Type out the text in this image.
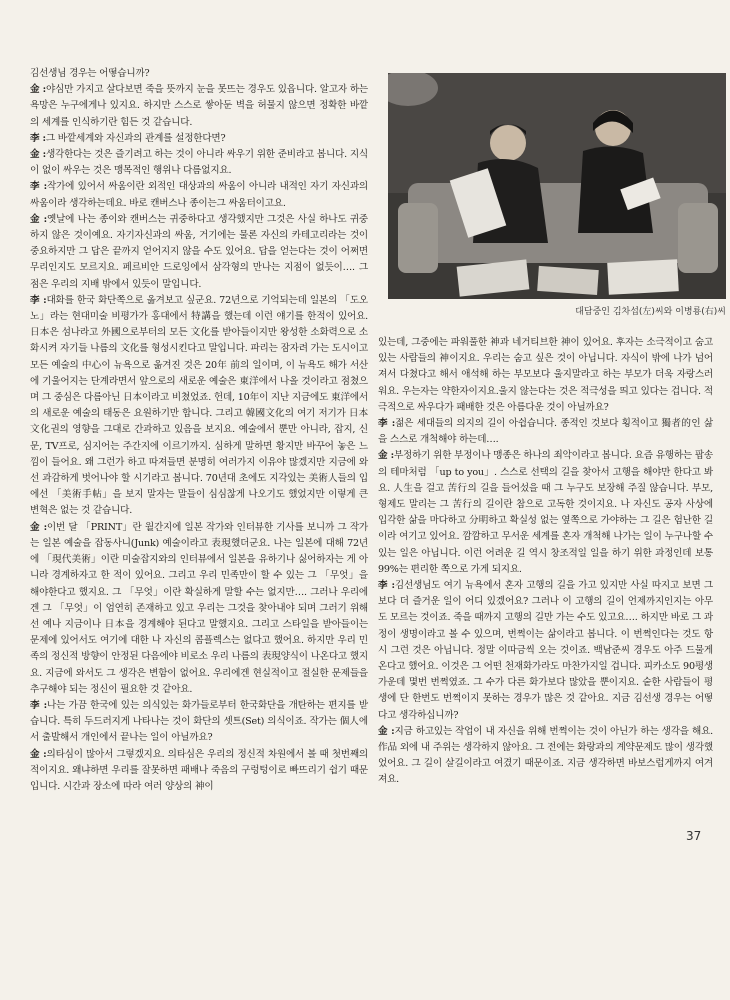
김선생님 경우는 어떻습니까?

金 :야심만 가지고 살다보면 죽을 뜻까지 눈을 못뜨는 경우도 있읍니다. 알고자 하는 욕망은 누구에게나 있지요. 하지만 스스로 쌓아둔 벽을 허물지 않으면 정확한 바깥의 세계를 인식하기란 힘든 것 같습니다.

李 :그 바깥세계와 자신과의 관계를 설정한다면?

金 :생각한다는 것은 즐기려고 하는 것이 아니라 싸우기 위한 준비라고 봅니다. 지식이 없이 싸우는 것은 맹목적인 행위나 다름없지요.

李 :작가에 있어서 싸움이란 외적인 대상과의 싸움이 아니라 내적인 자기 자신과의 싸움이라 생각하는데요. 바로 캔버스나 종이는그 싸움터이고요.

金 :옛날에 나는 종이와 캔버스는 귀중하다고 생각했지만 그것은 사실 하나도 귀중하지 않은 것이예요. 자기자신과의 싸움, 거기에는 물론 자신의 카테고리라는 것이 중요하지만 그 답은 끝까지 얻어지지 않을 수도 있어요. 답을 얻는다는 것이 어쩌면 무리인지도 모르지요. 페르비안 드로잉에서 삼각형의 만나는 지점이 없듯이…. 그 점은 우리의 지배 밖에서 있듯이 말입니다.

李 :대화를 한국 화단쪽으로 옮겨보고 싶군요. 72년으로 기억되는데 일본의 「도오노」라는 현대미술 비평가가 홍대에서 特講을 했는데 이런 얘기를 한적이 있어요. 日本은 섬나라고 外國으로부터의 모든 文化를 받아들이지만 왕성한 소화력으로 소화시켜 자기들 나름의 文化를 형성시킨다고 말입니다. 파리는 잠자려 가는 도시이고 모든 예술의 中心이 뉴욕으로 옮겨진 것은 20年 前의 일이며, 이 뉴욕도 해가 서산에 기울어지는 단계라면서 앞으로의 새로운 예술은 東洋에서 나올 것이라고 점쳤으며 그 중심은 다름아닌 日本이라고 비쳤었죠. 헌데, 10年이 지난 지금에도 東洋에서의 새로운 예술의 태동은 요원하기만 합니다. 그리고 韓國文化의 여기 저기가 日本文化권의 영향을 그대로 간과하고 있음을 보지요. 예술에서 뿐만 아니라, 잡지, 신문, TV프로, 심지어는 주간지에 이르기까지. 심하게 말하면 황지만 바꾸어 놓은 느낌이 들어요. 왜 그런가 하고 따져들면 분명히 여러가지 이유야 많겠지만 지금에 와선 과감하게 벗어나야 할 시기라고 봅니다. 70년대 초에도 지각있는 美術人들의 입에선 「美術手帖」을 보지 말자는 말들이 심심찮게 나오기도 했었지만 이렇게 큰 변혁은 없는 것 같습니다.

金 :이번 달 「PRINT」란 월간지에 일본 작가와 인터뷰한 기사를 보니까 그 작가는 일본 예술을 잡동사니(Junk) 예술이라고 表現했더군요. 나는 일본에 대해 72년에 「現代美術」이란 미술잡지와의 인터뷰에서 일본을 유하기나 싫어하자는 게 아니라 경계하자고 한 적이 있어요. 그리고 우리 민족만이 할 수 있는 그 「무엇」을 해야한다고 했지요. 그 「무엇」이란 확실하게 말할 수는 없지만…. 그러나 우리에겐 그 「무엇」이 엄연히 존재하고 있고 우리는 그것을 찾아내야 되며 그러기 위해선 예나 지금이나 日本을 경계해야 된다고 말했지요. 그리고 스타일을 받아들이는 문제에 있어서도 여기에 대한 나 자신의 콤플렉스는 없다고 했어요. 하지만 우리 민족의 정신적 방향이 안정된 다음에야 비로소 우리 나름의 表現양식이 나온다고 했지요. 지금에 와서도 그 생각은 변함이 없어요. 우리에겐 현실적이고 절실한 문제들을 추구해야 되는 정신이 필요한 것 같아요.

李 :나는 가끔 한국에 있는 의식있는 화가들로부터 한국화단을 개탄하는 편지를 받습니다. 특히 두드러지게 나타나는 것이 화단의 셋트(Set) 의식이죠. 작가는 個人에서 출발해서 개인에서 끝나는 일이 아닐까요?

金 :의타심이 많아서 그렇겠지요. 의타심은 우리의 정신적 차원에서 볼 때 첫번째의 적이지요. 왜냐하면 우리를 잘못하면 패배나 죽음의 구렁텅이로 빠뜨리기 쉽기 때문입니다. 시간과 장소에 따라 여러 양상의 神이

대담중인 김차섭(左)씨와 이병룡(右)씨

있는데, 그중에는 파워풀한 神과 네거티브한 神이 있어요. 후자는 소극적이고 숨고 있는 사람들의 神이지요. 우리는 숨고 싶은 것이 아닙니다. 자식이 밖에 나가 넘어져서 다쳤다고 해서 애석해 하는 부모보다 울지말라고 하는 부모가 더욱 자랑스러워요. 우는자는 약한자이지요.울지 않는다는 것은 적극성을 띄고 있다는 겁니다. 적극적으로 싸우다가 패배한 것은 아름다운 것이 아닐까요?

李 :젊은 세대들의 의지의 길이 아쉽습니다. 종적인 것보다 횡적이고 獨者的인 삶을 스스로 개척해야 하는데….

金 :부정하기 위한 부정이나 맹종은 하나의 죄악이라고 봅니다. 요즘 유행하는 팝송의 테마처럼 「up to you」. 스스로 선택의 길을 찾아서 고행을 해야만 한다고 봐요. 人生을 걸고 苦行의 길을 들어섰을 때 그 누구도 보장해 주질 않습니다. 부모, 형제도 말리는 그 苦行의 길이란 참으로 고독한 것이지요. 나 자신도 공자 사상에 입각한 삶을 마다하고 分明하고 확실성 없는 옆쪽으로 가야하는 그 길은 험난한 길이라 여기고 있어요. 깜깜하고 무서운 세계를 혼자 개척해 나가는 일이 누구나할 수 있는 일은 아닙니다. 이런 어려운 길 역시 창조적일 일을 하기 위한 과정인데 보통 99%는 편리한 쪽으로 가게 되지요.

李 :김선생님도 여기 뉴욕에서 혼자 고행의 길을 가고 있지만 사실 따지고 보면 그보다 더 즐거운 일이 어디 있겠어요? 그러나 이 고행의 길이 언제까지인지는 아무도 모르는 것이죠. 죽을 때까지 고행의 길만 가는 수도 있고요…. 하지만 바로 그 과정이 생명이라고 볼 수 있으며, 번쩍이는 삶이라고 봅니다. 이 번쩍인다는 것도 항시 그런 것은 아닙니다. 정말 이따금씩 오는 것이죠. 백남준씨 경우도 아주 드물게 온다고 했어요. 이것은 그 어떤 천재화가라도 마찬가지일 겁니다. 피카소도 90평생 가운데 몇번 번쩍였죠. 그 수가 다른 화가보다 많았을 뿐이지요. 숱한 사람들이 평생에 단 한번도 번쩍이지 못하는 경우가 많은 것 같아요. 지금 김선생 경우는 어떻다고 생각하십니까?

金 :지금 하고있는 작업이 내 자신을 위해 번쩍이는 것이 아닌가 하는 생각을 해요. 作品 외에 내 주위는 생각하지 않아요. 그 전에는 화랑과의 계약문제도 많이 생각했었어요. 그 길이 살길이라고 여겼기 때문이죠. 지금 생각하면 바보스럽게까지 여겨져요.

37
